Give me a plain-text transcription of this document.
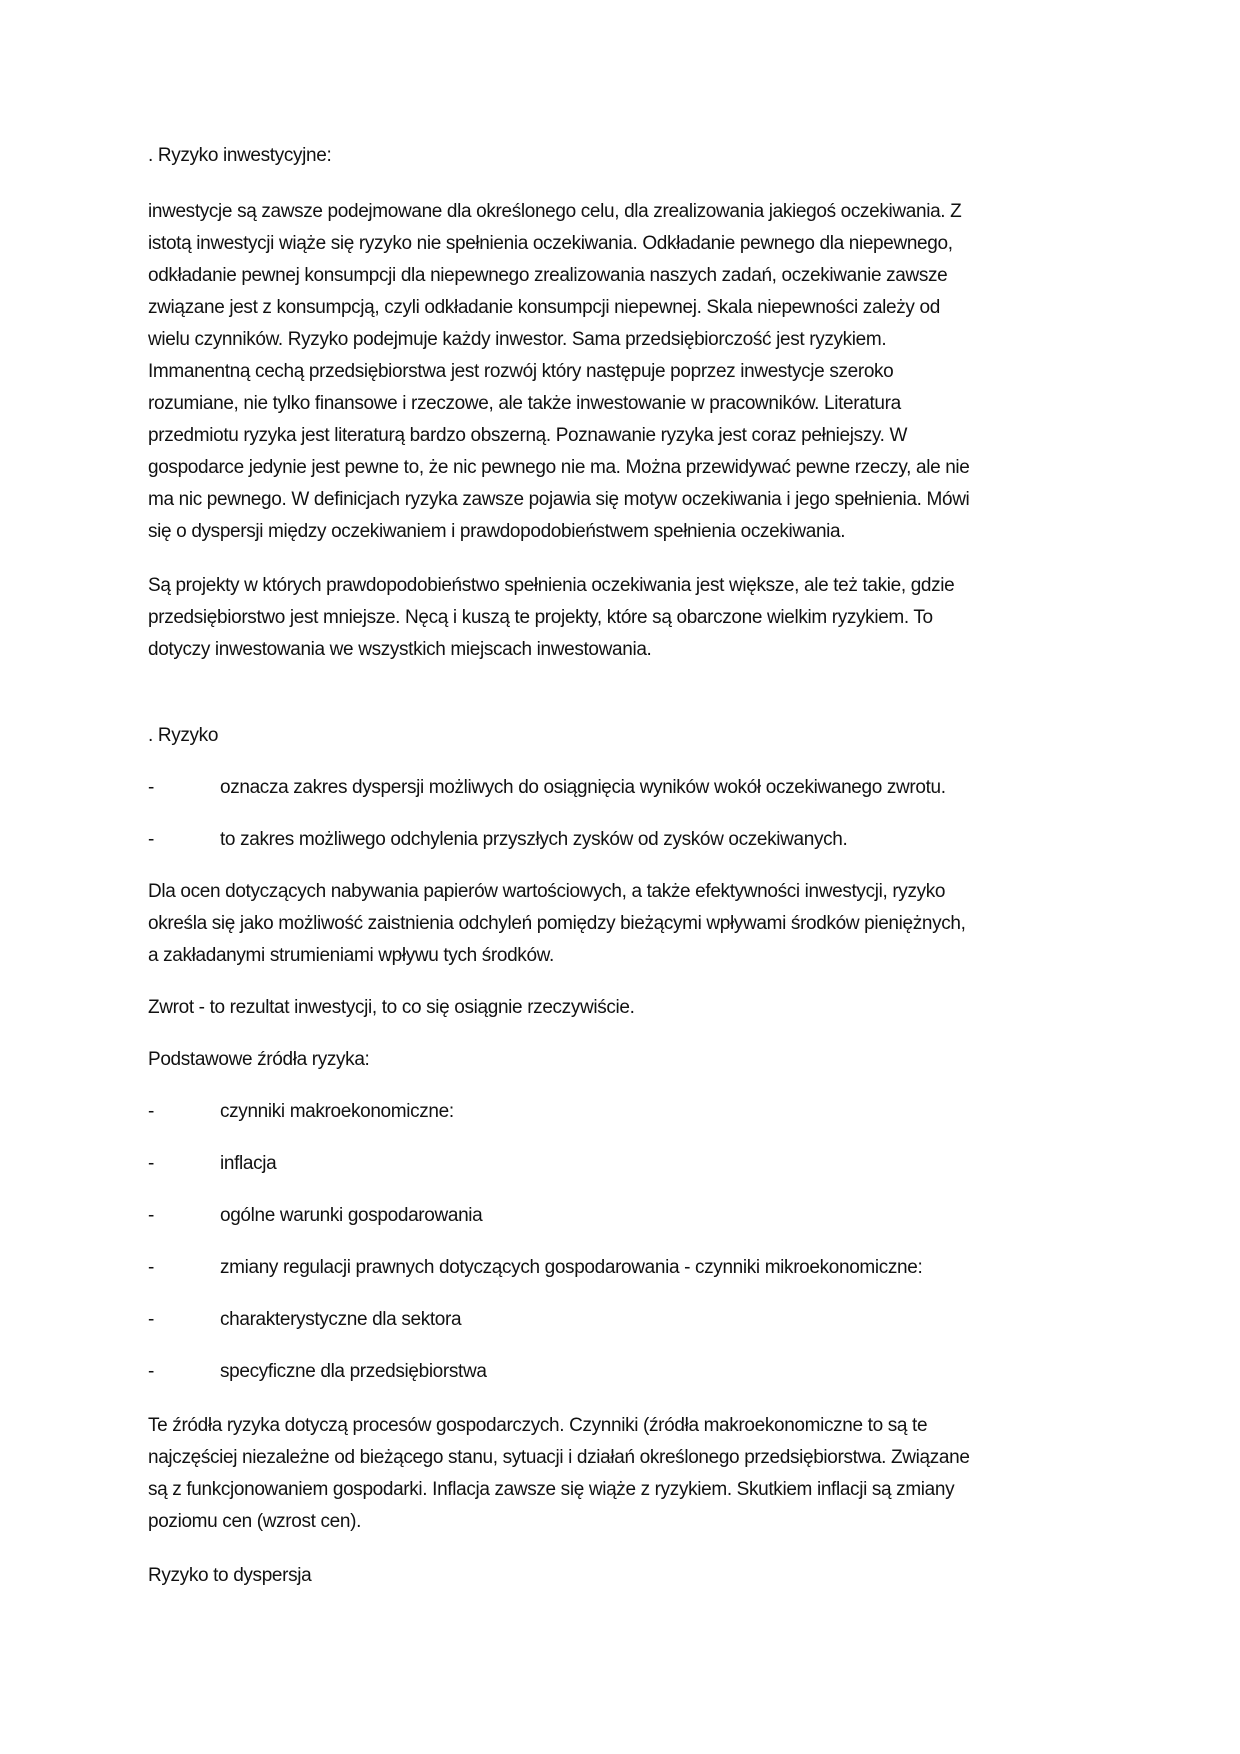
. Ryzyko inwestycyjne:
inwestycje są zawsze podejmowane dla określonego celu, dla zrealizowania jakiegoś oczekiwania. Z
istotą inwestycji wiąże się ryzyko nie spełnienia oczekiwania. Odkładanie pewnego dla niepewnego,
odkładanie pewnej konsumpcji dla niepewnego zrealizowania naszych zadań, oczekiwanie zawsze
związane jest z konsumpcją, czyli odkładanie konsumpcji niepewnej. Skala niepewności zależy od
wielu czynników. Ryzyko podejmuje każdy inwestor. Sama przedsiębiorczość jest ryzykiem.
Immanentną cechą przedsiębiorstwa jest rozwój który następuje poprzez inwestycje szeroko
rozumiane, nie tylko finansowe i rzeczowe, ale także inwestowanie w pracowników. Literatura
przedmiotu ryzyka jest literaturą bardzo obszerną. Poznawanie ryzyka jest coraz pełniejszy. W
gospodarce jedynie jest pewne to, że nic pewnego nie ma. Można przewidywać pewne rzeczy, ale nie
ma nic pewnego. W definicjach ryzyka zawsze pojawia się motyw oczekiwania i jego spełnienia. Mówi
się o dyspersji między oczekiwaniem i prawdopodobieństwem spełnienia oczekiwania.
Są projekty w których prawdopodobieństwo spełnienia oczekiwania jest większe, ale też takie, gdzie
przedsiębiorstwo jest mniejsze. Nęcą i kuszą te projekty, które są obarczone wielkim ryzykiem. To
dotyczy inwestowania we wszystkich miejscach inwestowania.
. Ryzyko
-	oznacza zakres dyspersji możliwych do osiągnięcia wyników wokół oczekiwanego zwrotu.
-	to zakres możliwego odchylenia przyszłych zysków od zysków oczekiwanych.
Dla ocen dotyczących nabywania papierów wartościowych, a także efektywności inwestycji, ryzyko
określa się jako możliwość zaistnienia odchyleń pomiędzy bieżącymi wpływami środków pieniężnych,
a zakładanymi strumieniami wpływu tych środków.
Zwrot - to rezultat inwestycji, to co się osiągnie rzeczywiście.
Podstawowe źródła ryzyka:
-	czynniki makroekonomiczne:
-	inflacja
-	ogólne warunki gospodarowania
-	zmiany regulacji prawnych dotyczących gospodarowania - czynniki mikroekonomiczne:
-	charakterystyczne dla sektora
-	specyficzne dla przedsiębiorstwa
Te źródła ryzyka dotyczą procesów gospodarczych. Czynniki (źródła makroekonomiczne to są te
najczęściej niezależne od bieżącego stanu, sytuacji i działań określonego przedsiębiorstwa. Związane
są z funkcjonowaniem gospodarki. Inflacja zawsze się wiąże z ryzykiem. Skutkiem inflacji są zmiany
poziomu cen (wzrost cen).
Ryzyko to dyspersja
